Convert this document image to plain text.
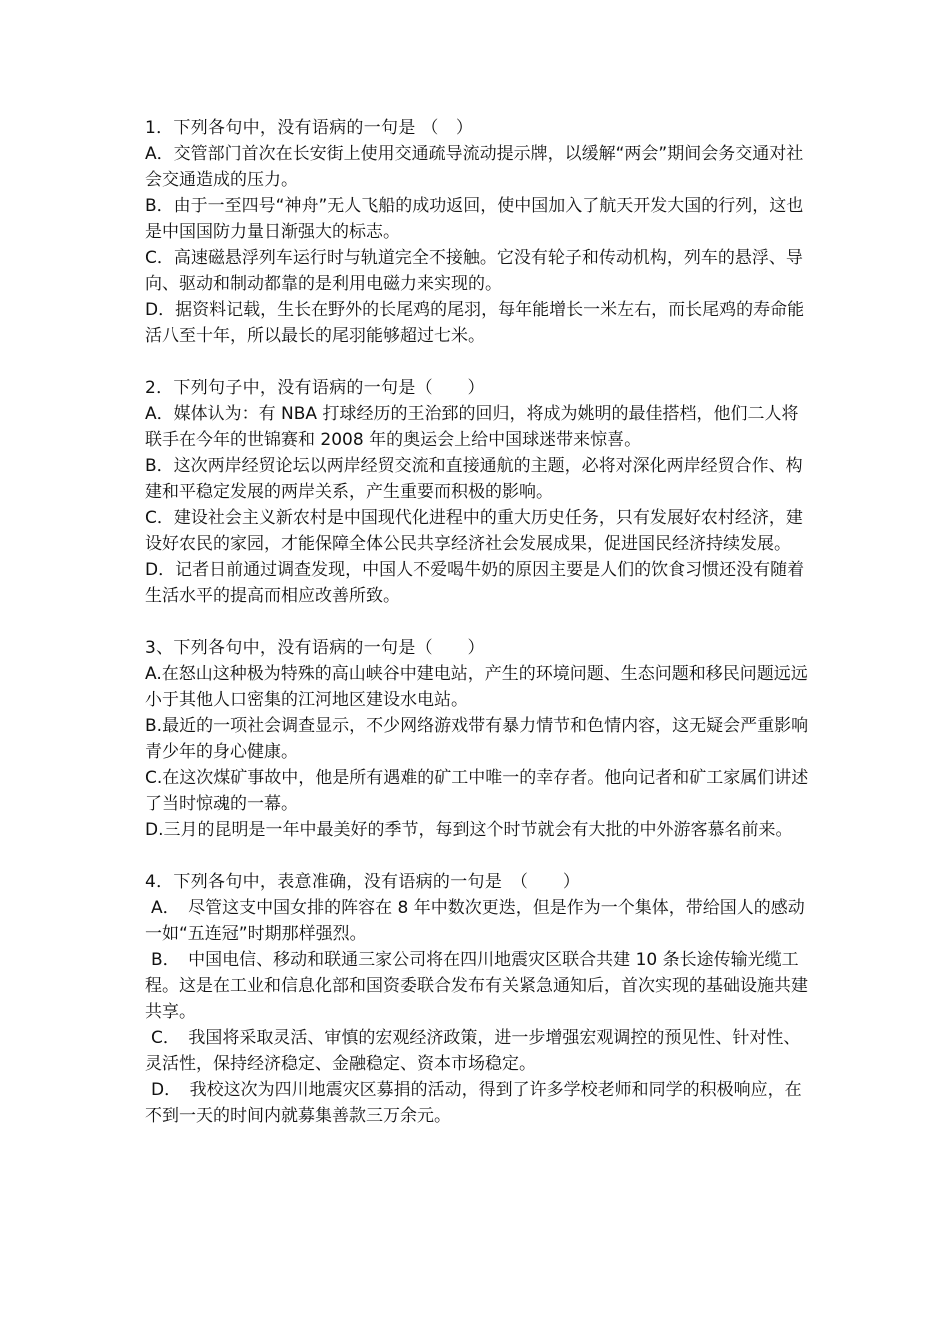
1．下列各句中，没有语病的一句是 （　）

A．交管部门首次在长安街上使用交通疏导流动提示牌，以缓解“两会”期间会务交通对社会交通造成的压力。

B．由于一至四号“神舟”无人飞船的成功返回，使中国加入了航天开发大国的行列，这也是中国国防力量日渐强大的标志。

C．高速磁悬浮列车运行时与轨道完全不接触。它没有轮子和传动机构，列车的悬浮、导向、驱动和制动都靠的是利用电磁力来实现的。

D．据资料记载，生长在野外的长尾鸡的尾羽，每年能增长一米左右，而长尾鸡的寿命能活八至十年，所以最长的尾羽能够超过七米。

2．下列句子中，没有语病的一句是（　　）

A．媒体认为：有 NBA 打球经历的王治郅的回归，将成为姚明的最佳搭档，他们二人将联手在今年的世锦赛和 2008 年的奥运会上给中国球迷带来惊喜。

B．这次两岸经贸论坛以两岸经贸交流和直接通航的主题，必将对深化两岸经贸合作、构建和平稳定发展的两岸关系，产生重要而积极的影响。

C．建设社会主义新农村是中国现代化进程中的重大历史任务，只有发展好农村经济，建设好农民的家园，才能保障全体公民共享经济社会发展成果，促进国民经济持续发展。

D．记者日前通过调查发现，中国人不爱喝牛奶的原因主要是人们的饮食习惯还没有随着生活水平的提高而相应改善所致。

3、下列各句中，没有语病的一句是（　　）

A.在怒山这种极为特殊的高山峡谷中建电站，产生的环境问题、生态问题和移民问题远远小于其他人口密集的江河地区建设水电站。

B.最近的一项社会调查显示，不少网络游戏带有暴力情节和色情内容，这无疑会严重影响青少年的身心健康。

C.在这次煤矿事故中，他是所有遇难的矿工中唯一的幸存者。他向记者和矿工家属们讲述了当时惊魂的一幕。

D.三月的昆明是一年中最美好的季节，每到这个时节就会有大批的中外游客慕名前来。

4．下列各句中，表意准确，没有语病的一句是　（　　）

A．　尽管这支中国女排的阵容在 8 年中数次更迭，但是作为一个集体，带给国人的感动一如“五连冠”时期那样强烈。

B．　中国电信、移动和联通三家公司将在四川地震灾区联合共建 10 条长途传输光缆工程。这是在工业和信息化部和国资委联合发布有关紧急通知后，首次实现的基础设施共建共享。

C．　我国将采取灵活、审慎的宏观经济政策，进一步增强宏观调控的预见性、针对性、灵活性，保持经济稳定、金融稳定、资本市场稳定。

D．　我校这次为四川地震灾区募捐的活动，得到了许多学校老师和同学的积极响应，在不到一天的时间内就募集善款三万余元。
